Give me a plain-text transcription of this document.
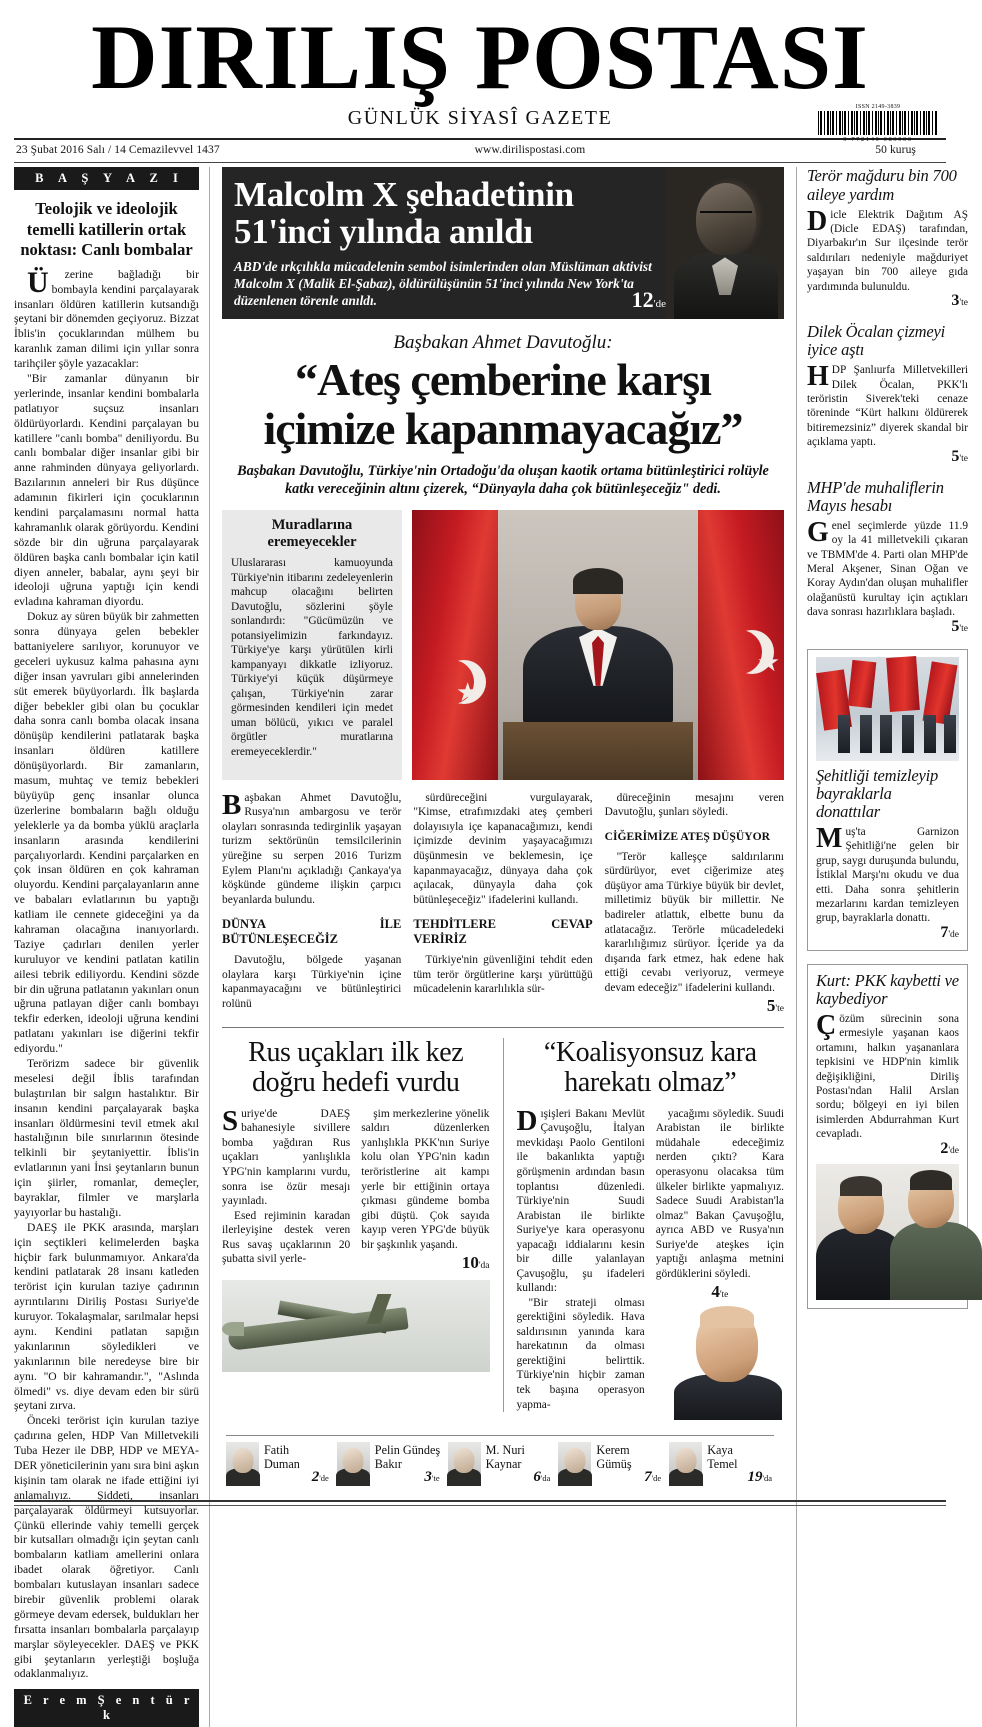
DIRILIŞ POSTASI
GÜNLÜK SİYASÎ GAZETE
ISSN 2149-3839
9 772149 383900
23 Şubat 2016 Salı / 14 Cemazilevvel 1437	www.dirilispostasi.com	50 kuruş
B A Ş Y A Z I
Teolojik ve ideolojik temelli katillerin ortak noktası: Canlı bombalar

Üzerine bağladığı bir bombayla kendini parçalayarak insanları öldüren katillerin kutsandığı şeytani bir dönemden geçiyoruz. Bizzat İblis'in çocuklarından mülhem bu karanlık zaman dilimi için yıllar sonra tarihçiler şöyle yazacaklar:

"Bir zamanlar dünyanın bir yerlerinde, insanlar kendini bombalarla patlatıyor suçsuz insanları öldürüyorlardı. Kendini parçalayan bu katillere "canlı bomba" deniliyordu. Bu canlı bombalar diğer insanlar gibi bir anne rahminden dünyaya geliyorlardı. Bazılarının anneleri bir Rus düşünce adamının fikirleri için çocuklarının kendini parçalamasını normal hatta kahramanlık olarak görüyordu. Kendini sözde bir din uğruna parçalayarak öldüren başka canlı bombalar için katil diyen anneler, babalar, aynı şeyi bir ideoloji uğruna yaptığı için kendi evladına kahraman diyordu.

Dokuz ay süren büyük bir zahmetten sonra dünyaya gelen bebekler battaniyelere sarılıyor, korunuyor ve geceleri uykusuz kalma pahasına aynı diğer insan yavruları gibi annelerinden süt emerek büyüyorlardı. İlk başlarda diğer bebekler gibi olan bu çocuklar daha sonra canlı bomba olacak insana dönüşüp kendilerini patlatarak başka insanları öldüren katillere dönüşüyorlardı. Bir zamanların, masum, muhtaç ve temiz bebekleri büyüyüp genç insanlar olunca üzerlerine bombaların bağlı olduğu yeleklerle ya da bomba yüklü araçlarla insanların arasında kendilerini parçalıyorlardı. Kendini parçalarken en çok insan öldüren en çok kahraman oluyordu. Kendini parçalayanların anne ve babaları evlatlarının bu yaptığı katliam ile cennete gideceğini ya da kahraman olacağına inanıyorlardı. Taziye çadırları denilen yerler kuruluyor ve kendini patlatan katilin ailesi tebrik ediliyordu. Kendini sözde bir din uğruna patlatanın yakınları onun uğruna patlayan diğer canlı bombayı tekfir ederken, ideoloji uğruna kendini patlatanı yakınları ise diğerini tekfir ediyordu."

Terörizm sadece bir güvenlik meselesi değil İblis tarafından bulaştırılan bir salgın hastalıktır. Bir insanın kendini parçalayarak başka insanları öldürmesini tevil etmek akıl hastalığının bile sınırlarının ötesinde telkinli bir şeytaniyettir. İblis'in evlatlarının yani İnsi şeytanların bunun için şiirler, romanlar, demeçler, bayraklar, filmler ve marşlarla yayıyorlar bu hastalığı.

DAEŞ ile PKK arasında, marşları için seçtikleri kelimelerden başka hiçbir fark bulunmamıyor. Ankara'da kendini patlatarak 28 insanı katleden terörist için kurulan taziye çadırının ayrıntılarını Diriliş Postası Suriye'de kuruyor. Tokalaşmalar, sarılmalar hepsi aynı. Kendini patlatan sapığın yakınlarının söyledikleri ve yakınlarının bile neredeyse bire bir aynı. "O bir kahramandır.", "Aslında ölmedi" vs. diye devam eden bir sürü şeytani zırva.

Önceki terörist için kurulan taziye çadırına gelen, HDP Van Milletvekili Tuba Hezer ile DBP, HDP ve MEYA-DER yöneticilerinin yanı sıra bini aşkın kişinin tam olarak ne ifade ettiğini iyi anlamalıyız. Şiddeti, insanları parçalayarak öldürmeyi kutsuyorlar. Çünkü ellerinde vahiy temelli gerçek bir kutsalları olmadığı için şeytan canlı bombaların katliam amellerini onlara ibadet olarak öğretiyor. Canlı bombaları kutuslayan insanları sadece birebir güvenlik problemi olarak görmeye devam edersek, buldukları her fırsatta insanları bombalarla parçalayıp marşlar söyleyecekler. DAEŞ ve PKK gibi şeytanların yerleştiği boşluğa odaklanmalıyız.

E r e m Ş e n t ü r k
Malcolm X şehadetinin 51'inci yılında anıldı
ABD'de ırkçılıkla mücadelenin sembol isimlerinden olan Müslüman aktivist Malcolm X (Malik El-Şabaz), öldürülüşünün 51'inci yılında New York'ta düzenlenen törenle anıldı.	12'de
Başbakan Ahmet Davutoğlu:
“Ateş çemberine karşı
içimize kapanmayacağız”
Başbakan Davutoğlu, Türkiye'nin Ortadoğu'da oluşan kaotik ortama bütünleştirici rolüyle katkı vereceğinin altını çizerek, “Dünyayla daha çok bütünleşeceğiz" dedi.
Muradlarına eremeyecekler

Uluslararası kamuoyunda Türkiye'nin itibarını zedeleyenlerin mahcup olacağını belirten Davutoğlu, sözlerini şöyle sonlandırdı: "Gücümüzün ve potansiyelimizin farkındayız. Türkiye'ye karşı yürütülen kirli kampanyayı dikkatle izliyoruz. Türkiye'yi küçük düşürmeye çalışan, Türkiye'nin zarar görmesinden kendileri için medet uman bölücü, yıkıcı ve paralel örgütler muratlarına eremeyeceklerdir."

★
★

Başbakan Ahmet Davutoğlu, Rusya'nın ambargosu ve terör olayları sonrasında tedirginlik yaşayan turizm sektörünün temsilcilerinin yüreğine su serpen 2016 Turizm Eylem Planı'nı açıkladığı Çankaya'ya köşkünde gündeme ilişkin çarpıcı beyanlarda bulundu.

DÜNYA İLE BÜTÜNLEŞECEĞİZ

Davutoğlu, bölgede yaşanan olaylara karşı Türkiye'nin içine kapanmayacağını ve bütünleştirici rolünü

sürdüreceğini vurgulayarak, "Kimse, etrafımızdaki ateş çemberi dolayısıyla içe kapanacağımızı, kendi içimizde devinim yaşayacağımızı düşünmesin ve beklemesin, içe kapanmayacağız, dünyaya daha çok açılacak, dünyayla daha çok bütünleşeceğiz" ifadelerini kullandı.

TEHDİTLERE CEVAP VERİRİZ

Türkiye'nin güvenliğini tehdit eden tüm terör örgütlerine karşı yürüttüğü mücadelenin kararlılıkla sür-

düreceğinin mesajını veren Davutoğlu, şunları söyledi.

CİĞERİMİZE ATEŞ DÜŞÜYOR

"Terör kalleşçe saldırılarını sürdürüyor, evet ciğerimize ateş düşüyor ama Türkiye büyük bir devlet, milletimiz büyük bir millettir. Ne badireler atlattık, elbette bunu da atlatacağız. Terörle mücadeledeki kararlılığımız sürüyor. İçeride ya da dışarıda fark etmez, hak edene hak ettiği cevabı veriyoruz, vermeye devam edeceğiz" ifadelerini kullandı.

5'te
Rus uçakları ilk kez doğru hedefi vurdu

Suriye'de DAEŞ bahanesiyle sivillere bomba yağdıran Rus uçakları yanlışlıkla YPG'nin kamplarını vurdu, sonra ise özür mesajı yayınladı.

Esed rejiminin karadan ilerleyişine destek veren Rus savaş uçaklarının 20 şubatta sivil yerle-

şim merkezlerine yönelik saldırı düzenlerken yanlışlıkla PKK'nın Suriye kolu olan YPG'nin kadın teröristlerine ait kampı yerle bir ettiğinin ortaya çıkması gündeme bomba gibi düştü. Çok sayıda kayıp veren YPG'de büyük bir şaşkınlık yaşandı.

10'da
“Koalisyonsuz kara harekatı olmaz”

Dışişleri Bakanı Mevlüt Çavuşoğlu, İtalyan mevkidaşı Paolo Gentiloni ile bakanlıkta yaptığı görüşmenin ardından basın toplantısı düzenledi. Türkiye'nin Suudi Arabistan ile birlikte Suriye'ye kara operasyonu yapacağı iddialarını kesin bir dille yalanlayan Çavuşoğlu, şu ifadeleri kullandı:

"Bir strateji olması gerektiğini söyledik. Hava saldırısının yanında kara harekatının da olması gerektiğini belirttik. Türkiye'nin hiçbir zaman tek başına operasyon yapma-

yacağımı söyledik. Suudi Arabistan ile birlikte müdahale edeceğimiz nerden çıktı? Kara operasyonu olacaksa tüm ülkeler birlikte yapmalıyız. Sadece Suudi Arabistan'la olmaz" Bakan Çavuşoğlu, ayrıca ABD ve Rusya'nın Suriye'de ateşkes için yaptığı anlaşma metnini gördüklerini söyledi.

4'te
Terör mağduru bin 700 aileye yardım

Dicle Elektrik Dağıtım AŞ (Dicle EDAŞ) tarafından, Diyarbakır'ın Sur ilçesinde terör saldırıları nedeniyle mağduriyet yaşayan bin 700 aileye gıda yardımında bulunuldu.

3'te
Dilek Öcalan çizmeyi iyice aştı

HDP Şanlıurfa Milletvekilleri Dilek Öcalan, PKK'lı teröristin Siverek'teki cenaze töreninde “Kürt halkını öldürerek bitiremezsiniz” diyerek skandal bir açıklama yaptı.

5'te
MHP'de muhaliflerin Mayıs hesabı

Genel seçimlerde yüzde 11.9 oy la 41 milletvekili çıkaran ve TBMM'de 4. Parti olan MHP'de Meral Akşener, Sinan Oğan ve Koray Aydın'dan oluşan muhalifler olağanüstü kurultay için açtıkları dava sonrası hazırlıklara başladı.

5'te
Şehitliği temizleyip bayraklarla donattılar

Muş'ta Garnizon Şehitliği'ne gelen bir grup, saygı duruşunda bulundu, İstiklal Marşı'nı okudu ve dua etti. Daha sonra şehitlerin mezarlarını kardan temizleyen grup, bayraklarla donattı.

7'de
Kurt: PKK kaybetti ve kaybediyor

Çözüm sürecinin sona ermesiyle yaşanan kaos ortamını, halkın yaşananlara tepkisini ve HDP'nin kimlik değişikliğini, Diriliş Postası'ndan Halil Arslan sordu; bölgeyi en iyi bilen isimlerden Abdurrahman Kurt cevapladı.

2'de
Fatih
Duman
2'de
Pelin Gündeş
Bakır
3'te
M. Nuri
Kaynar
6'da
Kerem
Gümüş
7'de
Kaya
Temel
19'da
